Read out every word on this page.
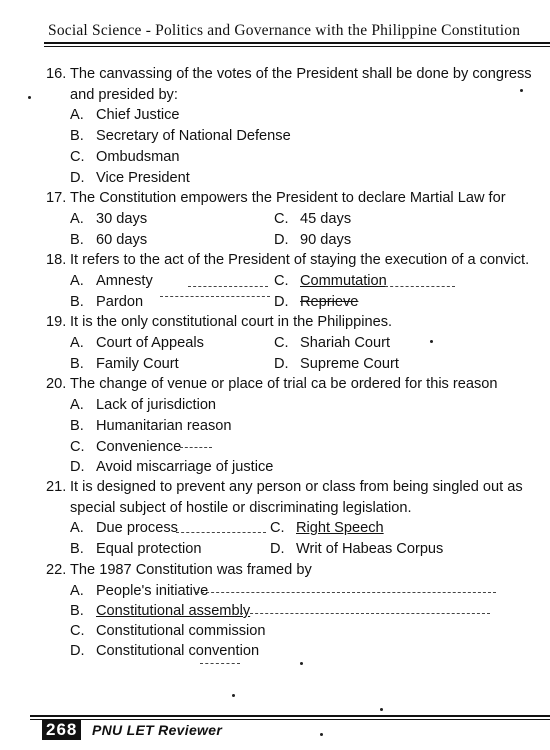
Social Science - Politics and Governance with the Philippine Constitution
16. The canvassing of the votes of the President shall be done by congress and presided by:
A. Chief Justice
B. Secretary of National Defense
C. Ombudsman
D. Vice President
17. The Constitution empowers the President to declare Martial Law for
A. 30 days
B. 60 days
C. 45 days
D. 90 days
18. It refers to the act of the President of staying the execution of a convict.
A. Amnesty
B. Pardon
C. Commutation
D. Reprieve
19. It is the only constitutional court in the Philippines.
A. Court of Appeals
B. Family Court
C. Shariah Court
D. Supreme Court
20. The change of venue or place of trial ca be ordered for this reason
A. Lack of jurisdiction
B. Humanitarian reason
C. Convenience
D. Avoid miscarriage of justice
21. It is designed to prevent any person or class from being singled out as special subject of hostile or discriminating legislation.
A. Due process
B. Equal protection
C. Right Speech
D. Writ of Habeas Corpus
22. The 1987 Constitution was framed by
A. People's initiative
B. Constitutional assembly
C. Constitutional commission
D. Constitutional convention
268 PNU LET Reviewer
